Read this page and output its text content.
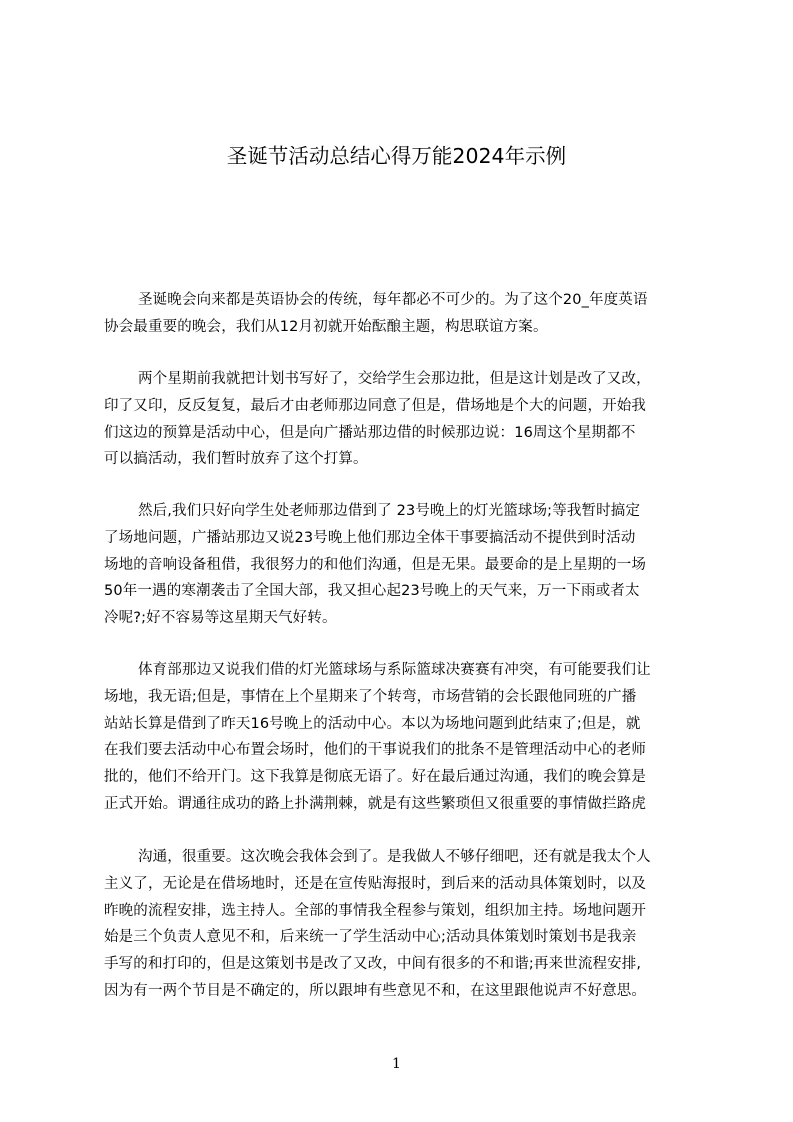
圣诞节活动总结心得万能2024年示例
圣诞晚会向来都是英语协会的传统，每年都必不可少的。为了这个20_年度英语
协会最重要的晚会，我们从12月初就开始酝酿主题，构思联谊方案。
两个星期前我就把计划书写好了，交给学生会那边批，但是这计划是改了又改，
印了又印，反反复复，最后才由老师那边同意了但是，借场地是个大的问题，开始我
们这边的预算是活动中心，但是向广播站那边借的时候那边说：16周这个星期都不
可以搞活动，我们暂时放弃了这个打算。
然后,我们只好向学生处老师那边借到了 23号晚上的灯光篮球场;等我暂时搞定
了场地问题，广播站那边又说23号晚上他们那边全体干事要搞活动不提供到时活动
场地的音响设备租借，我很努力的和他们沟通，但是无果。最要命的是上星期的一场
50年一遇的寒潮袭击了全国大部，我又担心起23号晚上的天气来，万一下雨或者太
冷呢?;好不容易等这星期天气好转。
体育部那边又说我们借的灯光篮球场与系际篮球决赛赛有冲突，有可能要我们让
场地，我无语;但是，事情在上个星期来了个转弯，市场营销的会长跟他同班的广播
站站长算是借到了昨天16号晚上的活动中心。本以为场地问题到此结束了;但是，就
在我们要去活动中心布置会场时，他们的干事说我们的批条不是管理活动中心的老师
批的，他们不给开门。这下我算是彻底无语了。好在最后通过沟通，我们的晚会算是
正式开始。谓通往成功的路上扑满荆棘，就是有这些繁琐但又很重要的事情做拦路虎
沟通，很重要。这次晚会我体会到了。是我做人不够仔细吧，还有就是我太个人
主义了，无论是在借场地时，还是在宣传贴海报时，到后来的活动具体策划时，以及
昨晚的流程安排，选主持人。全部的事情我全程参与策划，组织加主持。场地问题开
始是三个负责人意见不和，后来统一了学生活动中心;活动具体策划时策划书是我亲
手写的和打印的，但是这策划书是改了又改，中间有很多的不和谐;再来世流程安排,
因为有一两个节目是不确定的，所以跟坤有些意见不和，在这里跟他说声不好意思。
1
